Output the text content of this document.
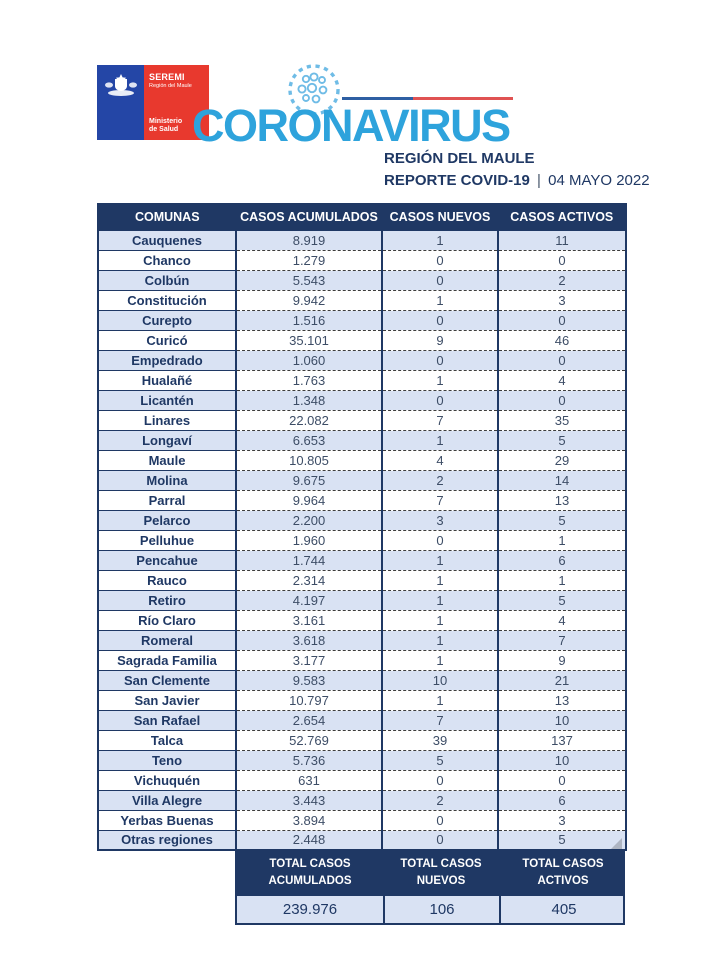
SEREMI
Región del Maule
Ministerio de Salud CORONAVIRUS
REGIÓN DEL MAULE
REPORTE COVID-19 | 04 MAYO 2022
COMUNAS	CASOS ACUMULADOS	CASOS NUEVOS	CASOS ACTIVOS
Cauquenes	8.919	1	11
Chanco	1.279	0	0
Colbún	5.543	0	2
Constitución	9.942	1	3
Curepto	1.516	0	0
Curicó	35.101	9	46
Empedrado	1.060	0	0
Hualañé	1.763	1	4
Licantén	1.348	0	0
Linares	22.082	7	35
Longaví	6.653	1	5
Maule	10.805	4	29
Molina	9.675	2	14
Parral	9.964	7	13
Pelarco	2.200	3	5
Pelluhue	1.960	0	1
Pencahue	1.744	1	6
Rauco	2.314	1	1
Retiro	4.197	1	5
Río Claro	3.161	1	4
Romeral	3.618	1	7
Sagrada Familia	3.177	1	9
San Clemente	9.583	10	21
San Javier	10.797	1	13
San Rafael	2.654	7	10
Talca	52.769	39	137
Teno	5.736	5	10
Vichuquén	631	0	0
Villa Alegre	3.443	2	6
Yerbas Buenas	3.894	0	3
Otras regiones	2.448	0	5
TOTAL CASOS
ACUMULADOS
TOTAL CASOS
NUEVOS
TOTAL CASOS
ACTIVOS
239.976	106	405
